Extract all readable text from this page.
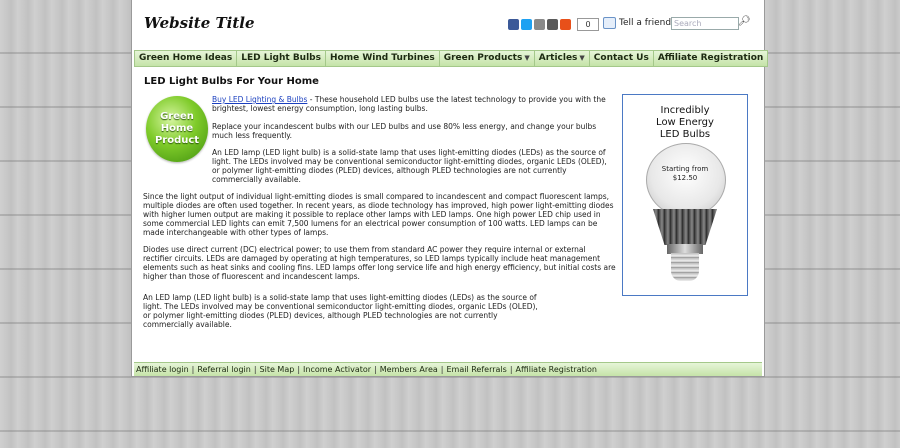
Website Title	0	Tell a friend Search	🔎︎
Green Home Ideas	LED Light Bulbs	Home Wind Turbines	Green Products ▼	Articles ▼	Contact Us	Affiliate Registration
LED Light Bulbs For Your Home
Green
Home
Product
Buy LED Lighting & Bulbs - These household LED bulbs use the latest technology to provide you with the brightest, lowest energy consumption, long lasting bulbs.
Replace your incandescent bulbs with our LED bulbs and use 80% less energy, and change your bulbs much less frequently.
An LED lamp (LED light bulb) is a solid-state lamp that uses light-emitting diodes (LEDs) as the source of light. The LEDs involved may be conventional semiconductor light-emitting diodes, organic LEDs (OLED), or polymer light-emitting diodes (PLED) devices, although PLED technologies are not currently commercially available.
Since the light output of individual light-emitting diodes is small compared to incandescent and compact fluorescent lamps, multiple diodes are often used together. In recent years, as diode technology has improved, high power light-emitting diodes with higher lumen output are making it possible to replace other lamps with LED lamps. One high power LED chip used in some commercial LED lights can emit 7,500 lumens for an electrical power consumption of 100 watts. LED lamps can be made interchangeable with other types of lamps.
Diodes use direct current (DC) electrical power; to use them from standard AC power they require internal or external rectifier circuits. LEDs are damaged by operating at high temperatures, so LED lamps typically include heat management elements such as heat sinks and cooling fins. LED lamps offer long service life and high energy efficiency, but initial costs are higher than those of fluorescent and incandescent lamps.
An LED lamp (LED light bulb) is a solid-state lamp that uses light-emitting diodes (LEDs) as the source of light. The LEDs involved may be conventional semiconductor light-emitting diodes, organic LEDs (OLED), or polymer light-emitting diodes (PLED) devices, although PLED technologies are not currently commercially available.
Incredibly
Low Energy
LED Bulbs
Starting from
$12.50
Affiliate login | Referral login | Site Map | Income Activator | Members Area | Email Referrals | Affiliate Registration
